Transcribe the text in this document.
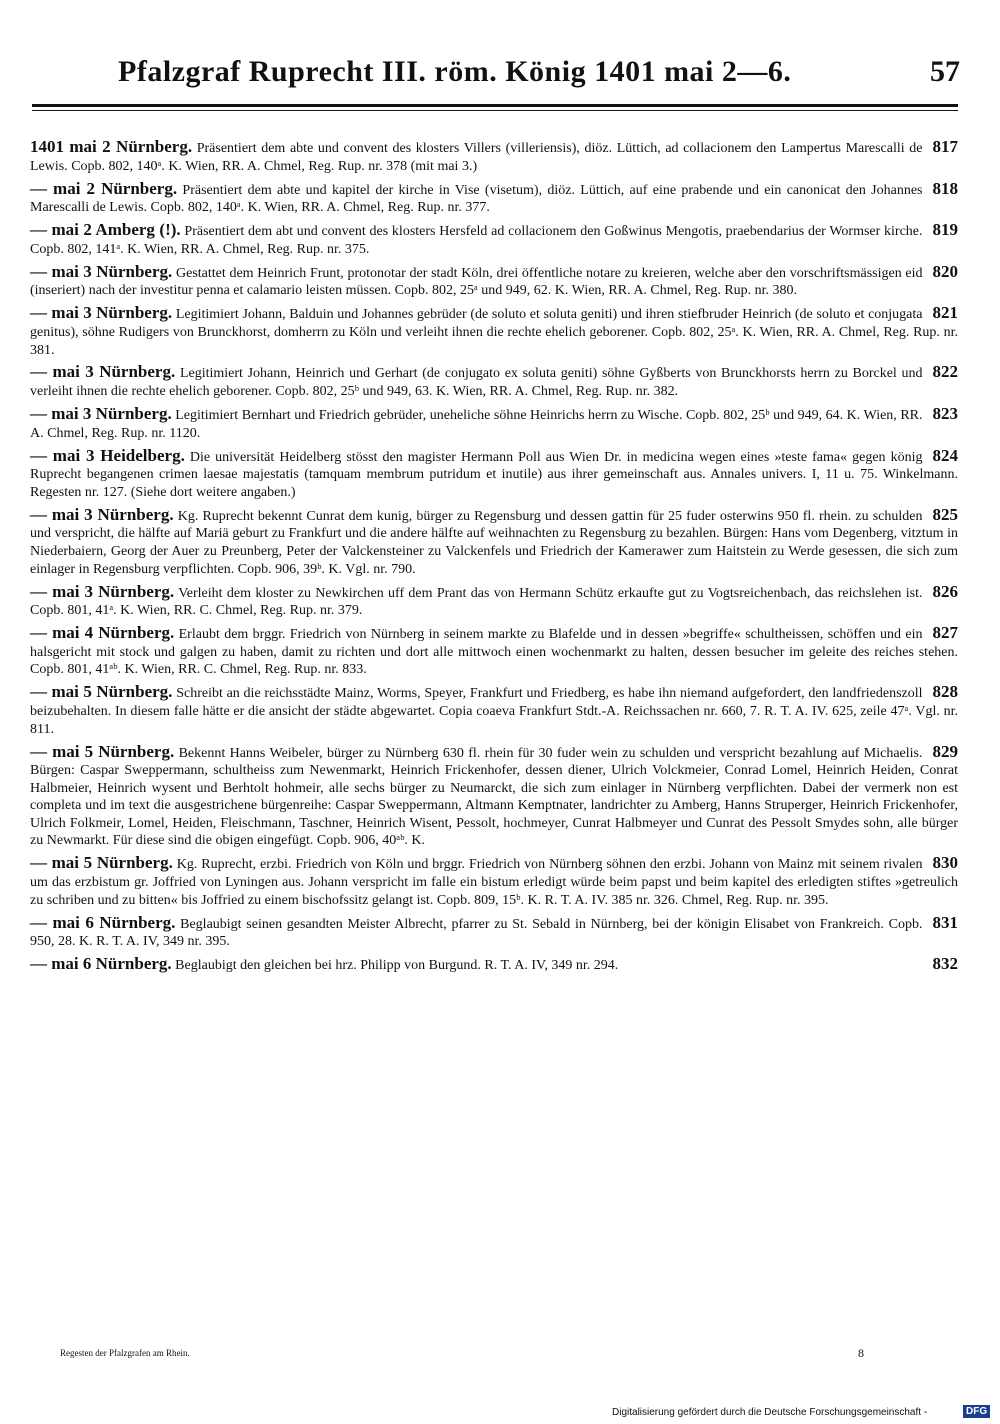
Pfalzgraf Ruprecht III. röm. König 1401 mai 2—6.	57
817
1401 mai 2 Nürnberg. Präsentiert dem abte und convent des klosters Villers (villeriensis), diöz. Lüttich, ad collacionem den Lampertus Marescalli de Lewis. Copb. 802, 140ᵃ. K. Wien, RR. A. Chmel, Reg. Rup. nr. 378 (mit mai 3.)
818
— mai 2 Nürnberg. Präsentiert dem abte und kapitel der kirche in Vise (visetum), diöz. Lüttich, auf eine prabende und ein canonicat den Johannes Marescalli de Lewis. Copb. 802, 140ᵃ. K. Wien, RR. A. Chmel, Reg. Rup. nr. 377.
819
— mai 2 Amberg (!). Präsentiert dem abt und convent des klosters Hersfeld ad collacionem den Goßwinus Mengotis, praebendarius der Wormser kirche. Copb. 802, 141ᵃ. K. Wien, RR. A. Chmel, Reg. Rup. nr. 375.
820
— mai 3 Nürnberg. Gestattet dem Heinrich Frunt, protonotar der stadt Köln, drei öffentliche notare zu kreieren, welche aber den vorschriftsmässigen eid (inseriert) nach der investitur penna et calamario leisten müssen. Copb. 802, 25ᵃ und 949, 62. K. Wien, RR. A. Chmel, Reg. Rup. nr. 380.
821
— mai 3 Nürnberg. Legitimiert Johann, Balduin und Johannes gebrüder (de soluto et soluta geniti) und ihren stiefbruder Heinrich (de soluto et conjugata genitus), söhne Rudigers von Brunckhorst, domherrn zu Köln und verleiht ihnen die rechte ehelich geborener. Copb. 802, 25ᵃ. K. Wien, RR. A. Chmel, Reg. Rup. nr. 381.
822
— mai 3 Nürnberg. Legitimiert Johann, Heinrich und Gerhart (de conjugato ex soluta geniti) söhne Gyßberts von Brunckhorsts herrn zu Borckel und verleiht ihnen die rechte ehelich geborener. Copb. 802, 25ᵇ und 949, 63. K. Wien, RR. A. Chmel, Reg. Rup. nr. 382.
823
— mai 3 Nürnberg. Legitimiert Bernhart und Friedrich gebrüder, uneheliche söhne Heinrichs herrn zu Wische. Copb. 802, 25ᵇ und 949, 64. K. Wien, RR. A. Chmel, Reg. Rup. nr. 1120.
824
— mai 3 Heidelberg. Die universität Heidelberg stösst den magister Hermann Poll aus Wien Dr. in medicina wegen eines »teste fama« gegen könig Ruprecht begangenen crimen laesae majestatis (tamquam membrum putridum et inutile) aus ihrer gemeinschaft aus. Annales univers. I, 11 u. 75. Winkelmann. Regesten nr. 127. (Siehe dort weitere angaben.)
825
— mai 3 Nürnberg. Kg. Ruprecht bekennt Cunrat dem kunig, bürger zu Regensburg und dessen gattin für 25 fuder osterwins 950 fl. rhein. zu schulden und verspricht, die hälfte auf Mariä geburt zu Frankfurt und die andere hälfte auf weihnachten zu Regensburg zu bezahlen. Bürgen: Hans vom Degenberg, vitztum in Niederbaiern, Georg der Auer zu Preunberg, Peter der Valckensteiner zu Valckenfels und Friedrich der Kamerawer zum Haitstein zu Werde gesessen, die sich zum einlager in Regensburg verpflichten. Copb. 906, 39ᵇ. K. Vgl. nr. 790.
826
— mai 3 Nürnberg. Verleiht dem kloster zu Newkirchen uff dem Prant das von Hermann Schütz erkaufte gut zu Vogtsreichenbach, das reichslehen ist. Copb. 801, 41ᵃ. K. Wien, RR. C. Chmel, Reg. Rup. nr. 379.
827
— mai 4 Nürnberg. Erlaubt dem brggr. Friedrich von Nürnberg in seinem markte zu Blafelde und in dessen »begriffe« schultheissen, schöffen und ein halsgericht mit stock und galgen zu haben, damit zu richten und dort alle mittwoch einen wochenmarkt zu halten, dessen besucher im geleite des reiches stehen. Copb. 801, 41ᵃᵇ. K. Wien, RR. C. Chmel, Reg. Rup. nr. 833.
828
— mai 5 Nürnberg. Schreibt an die reichsstädte Mainz, Worms, Speyer, Frankfurt und Friedberg, es habe ihn niemand aufgefordert, den landfriedenszoll beizubehalten. In diesem falle hätte er die ansicht der städte abgewartet. Copia coaeva Frankfurt Stdt.-A. Reichssachen nr. 660, 7. R. T. A. IV. 625, zeile 47ᵃ. Vgl. nr. 811.
829
— mai 5 Nürnberg. Bekennt Hanns Weibeler, bürger zu Nürnberg 630 fl. rhein für 30 fuder wein zu schulden und verspricht bezahlung auf Michaelis. Bürgen: Caspar Sweppermann, schultheiss zum Newenmarkt, Heinrich Frickenhofer, dessen diener, Ulrich Volckmeier, Conrad Lomel, Heinrich Heiden, Conrat Halbmeier, Heinrich wysent und Berhtolt hohmeir, alle sechs bürger zu Neumarckt, die sich zum einlager in Nürnberg verpflichten. Dabei der vermerk non est completa und im text die ausgestrichene bürgenreihe: Caspar Sweppermann, Altmann Kemptnater, landrichter zu Amberg, Hanns Struperger, Heinrich Frickenhofer, Ulrich Folkmeir, Lomel, Heiden, Fleischmann, Taschner, Heinrich Wisent, Pessolt, hochmeyer, Cunrat Halbmeyer und Cunrat des Pessolt Smydes sohn, alle bürger zu Newmarkt. Für diese sind die obigen eingefügt. Copb. 906, 40ᵃᵇ. K.
830
— mai 5 Nürnberg. Kg. Ruprecht, erzbi. Friedrich von Köln und brggr. Friedrich von Nürnberg söhnen den erzbi. Johann von Mainz mit seinem rivalen um das erzbistum gr. Joffried von Lyningen aus. Johann verspricht im falle ein bistum erledigt würde beim papst und beim kapitel des erledigten stiftes »getreulich zu schriben und zu bitten« bis Joffried zu einem bischofssitz gelangt ist. Copb. 809, 15ᵇ. K. R. T. A. IV. 385 nr. 326. Chmel, Reg. Rup. nr. 395.
831
— mai 6 Nürnberg. Beglaubigt seinen gesandten Meister Albrecht, pfarrer zu St. Sebald in Nürnberg, bei der königin Elisabet von Frankreich. Copb. 950, 28. K. R. T. A. IV, 349 nr. 395.
832
— mai 6 Nürnberg. Beglaubigt den gleichen bei hrz. Philipp von Burgund. R. T. A. IV, 349 nr. 294.
Regesten der Pfalzgrafen am Rhein.	8
Digitalisierung gefördert durch die Deutsche Forschungsgemeinschaft -	DFG
